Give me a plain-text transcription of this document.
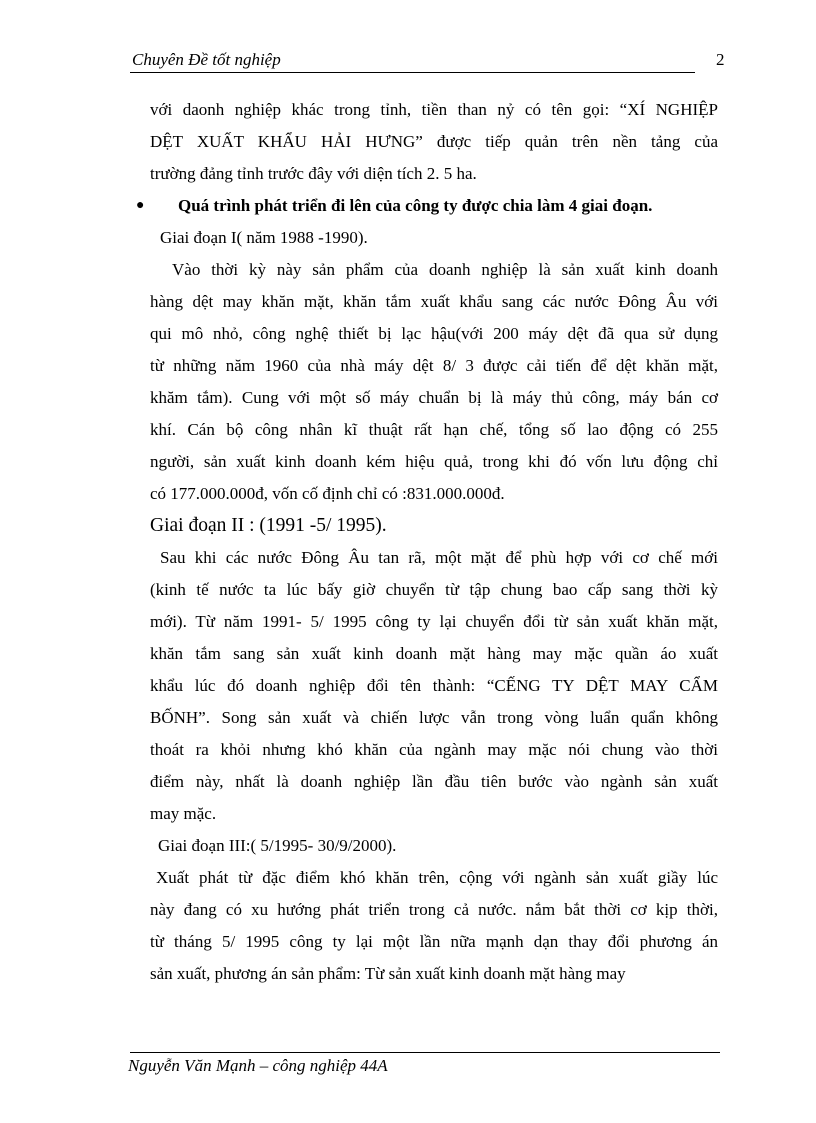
Chuyên Đề tốt nghiệp	2
với daonh nghiệp khác trong tỉnh, tiền than nỷ có tên gọi: “XÍ NGHIỆP
DỆT XUẤT KHẨU HẢI HƯNG” được tiếp quản trên nền tảng của
trường đảng tỉnh trước đây với diện tích 2. 5 ha.
● Quá trình phát triển đi lên của công ty được chia làm 4 giai đoạn.
Giai đoạn I( năm 1988 -1990).
Vào thời kỳ này sản phẩm của doanh nghiệp là sản xuất kinh doanh
hàng dệt may khăn mặt, khăn tắm xuất khẩu sang các nước Đông Âu với
qui mô nhỏ, công nghệ thiết bị lạc hậu(với 200 máy dệt đã qua sử dụng
từ những năm 1960 của nhà máy dệt 8/ 3 được cải tiến để dệt khăn mặt,
khăm tắm). Cung với một số máy chuẩn bị là máy thủ công, máy bán cơ
khí. Cán bộ công nhân kĩ thuật rất hạn chế, tổng số lao động có 255
người, sản xuất kinh doanh kém hiệu quả, trong khi đó vốn lưu động chỉ
có 177.000.000đ, vốn cố định chỉ có :831.000.000đ.
Giai đoạn II : (1991 -5/ 1995).
Sau khi các nước Đông Âu tan rã, một mặt để phù hợp với cơ chế mới
(kinh tế nước ta lúc bấy giờ chuyển từ tập chung bao cấp sang thời kỳ
mới). Từ năm 1991- 5/ 1995 công ty lại chuyển đổi từ sản xuất khăn mặt,
khăn tắm sang sản xuất kinh doanh mặt hàng may mặc quần áo xuất
khẩu lúc đó doanh nghiệp đổi tên thành: “CẾNG TY DỆT MAY CẨM
BỐNH”. Song sản xuất và chiến lược vẫn trong vòng luẩn quẩn không
thoát ra khỏi nhưng khó khăn của ngành may mặc nói chung vào thời
điểm này, nhất là doanh nghiệp lần đầu tiên bước vào ngành sản xuất
may mặc.
Giai đoạn III:( 5/1995- 30/9/2000).
Xuất phát từ đặc điểm khó khăn trên, cộng với ngành sản xuất giầy lúc
này đang có xu hướng phát triển trong cả nước. nắm bắt thời cơ kịp thời,
từ tháng 5/ 1995 công ty lại một lần nữa mạnh dạn thay đổi phương án
sản xuất, phương án sản phẩm: Từ sản xuất kinh doanh mặt hàng may
Nguyễn Văn Mạnh – công nghiệp 44A
